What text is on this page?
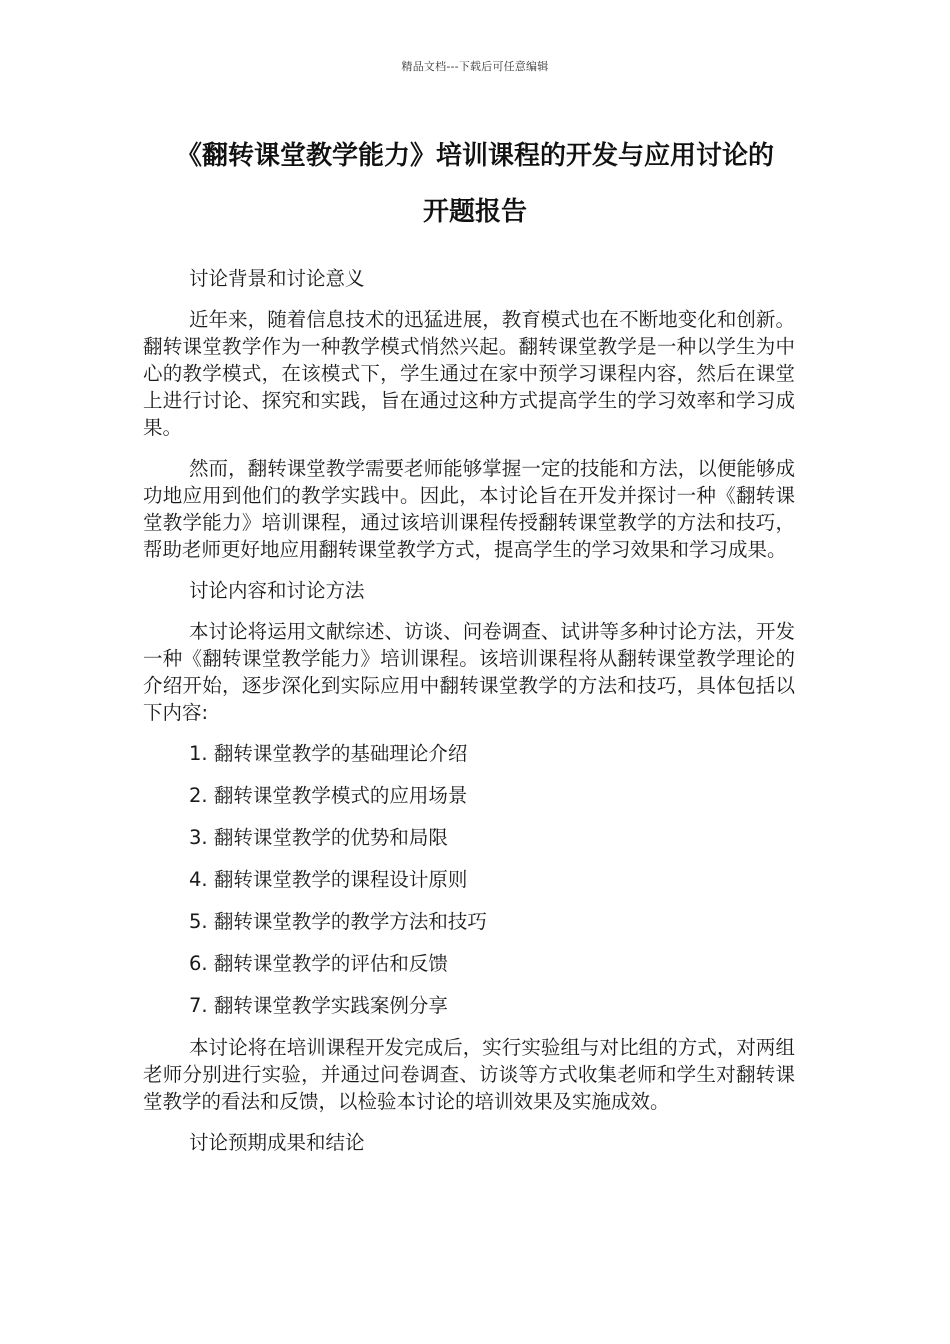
精品文档---下载后可任意编辑
《翻转课堂教学能力》培训课程的开发与应用讨论的
开题报告

讨论背景和讨论意义

近年来，随着信息技术的迅猛进展，教育模式也在不断地变化和创新。翻转课堂教学作为一种教学模式悄然兴起。翻转课堂教学是一种以学生为中心的教学模式，在该模式下，学生通过在家中预学习课程内容，然后在课堂上进行讨论、探究和实践，旨在通过这种方式提高学生的学习效率和学习成果。

然而，翻转课堂教学需要老师能够掌握一定的技能和方法，以便能够成功地应用到他们的教学实践中。因此，本讨论旨在开发并探讨一种《翻转课堂教学能力》培训课程，通过该培训课程传授翻转课堂教学的方法和技巧，帮助老师更好地应用翻转课堂教学方式，提高学生的学习效果和学习成果。

讨论内容和讨论方法

本讨论将运用文献综述、访谈、问卷调查、试讲等多种讨论方法，开发一种《翻转课堂教学能力》培训课程。该培训课程将从翻转课堂教学理论的介绍开始，逐步深化到实际应用中翻转课堂教学的方法和技巧，具体包括以下内容:

1. 翻转课堂教学的基础理论介绍
2. 翻转课堂教学模式的应用场景
3. 翻转课堂教学的优势和局限
4. 翻转课堂教学的课程设计原则
5. 翻转课堂教学的教学方法和技巧
6. 翻转课堂教学的评估和反馈
7. 翻转课堂教学实践案例分享

本讨论将在培训课程开发完成后，实行实验组与对比组的方式，对两组老师分别进行实验，并通过问卷调查、访谈等方式收集老师和学生对翻转课堂教学的看法和反馈，以检验本讨论的培训效果及实施成效。

讨论预期成果和结论
